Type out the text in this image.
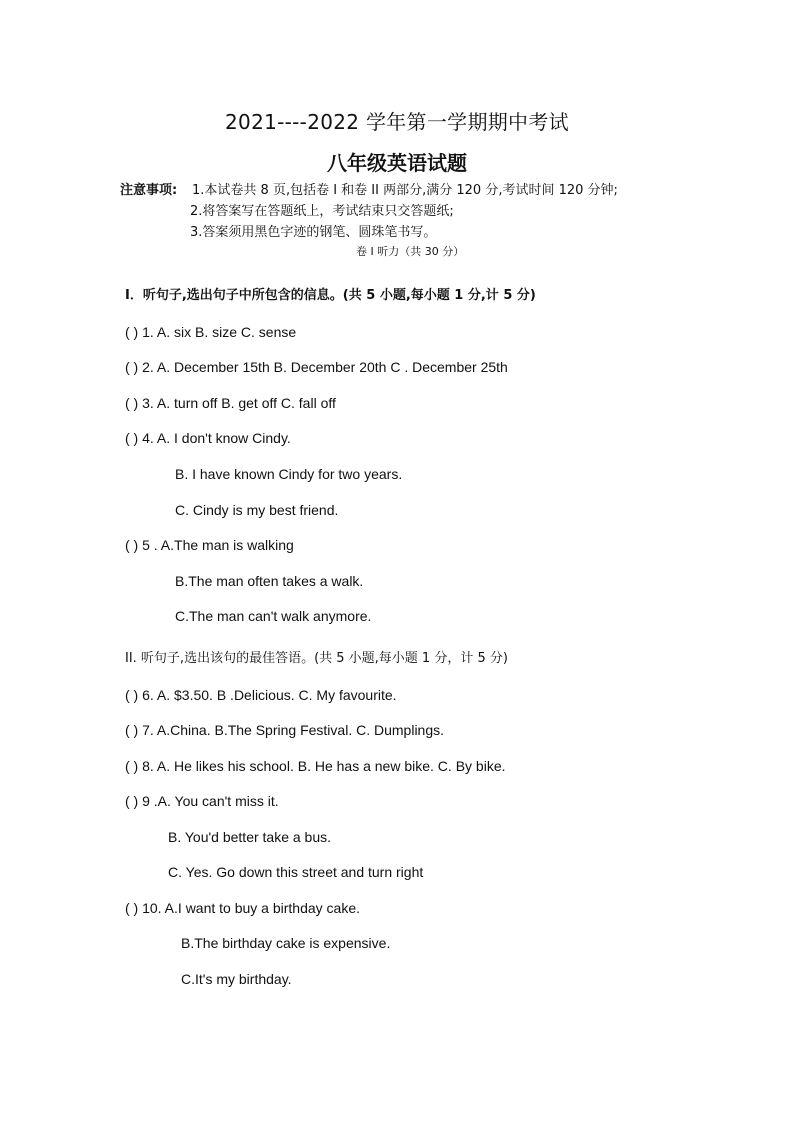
2021----2022 学年第一学期期中考试
八年级英语试题
注意事项: 1.本试卷共 8 页,包括卷 I 和卷 II 两部分,满分 120 分,考试时间 120 分钟;
2.将答案写在答题纸上，考试结束只交答题纸;
3.答案须用黑色字迹的钢笔、圆珠笔书写。
卷 I 听力（共 30 分）
I．听句子,选出句子中所包含的信息。(共 5 小题,每小题 1 分,计 5 分)
( ) 1. A. six B. size C. sense
( ) 2. A. December 15th B. December 20th C . December 25th
( ) 3. A. turn off B. get off C. fall off
( ) 4. A. I don't know Cindy.
B. I have known Cindy for two years.
C. Cindy is my best friend.
( ) 5 . A.The man is walking
B.The man often takes a walk.
C.The man can't walk anymore.
II. 听句子,选出该句的最佳答语。(共 5 小题,每小题 1 分，计 5 分)
( ) 6. A. $3.50. B .Delicious. C. My favourite.
( ) 7. A.China. B.The Spring Festival. C. Dumplings.
( ) 8. A. He likes his school. B. He has a new bike. C. By bike.
( ) 9 .A. You can't miss it.
B. You'd better take a bus.
C. Yes. Go down this street and turn right
( ) 10. A.I want to buy a birthday cake.
B.The birthday cake is expensive.
C.It's my birthday.
